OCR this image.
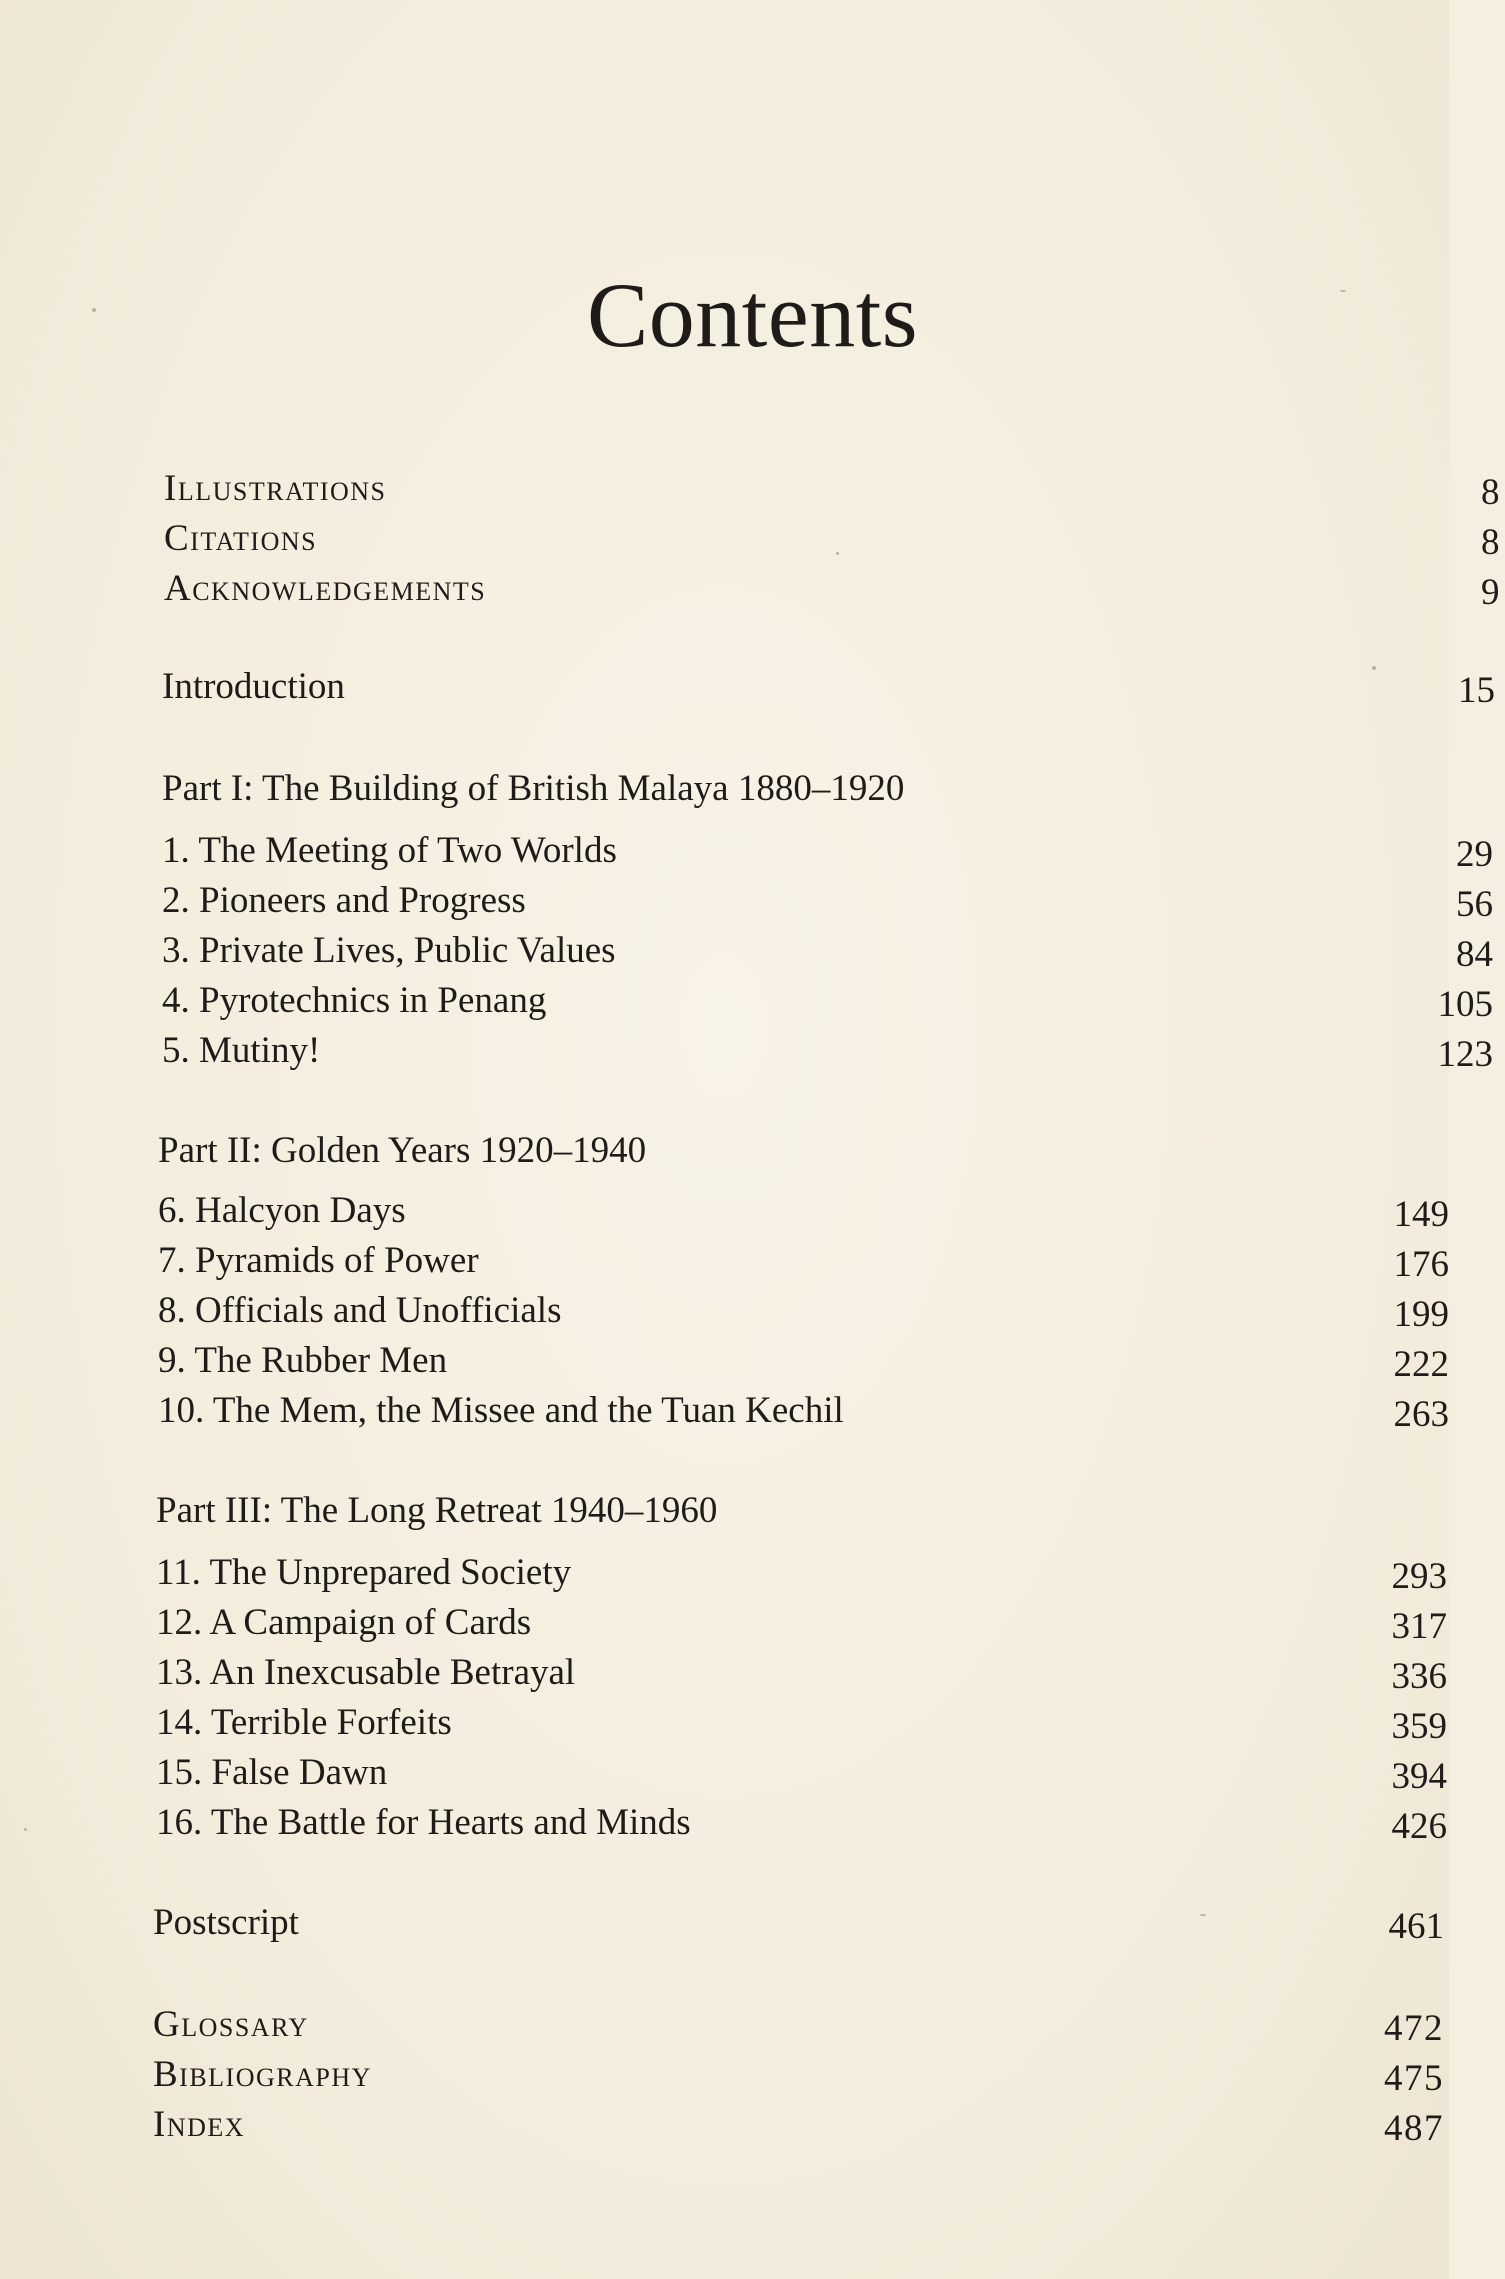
Contents
Illustrations	8
Citations	8
Acknowledgements	9
Introduction	15
Part I: The Building of British Malaya 1880–1920
1. The Meeting of Two Worlds	29
2. Pioneers and Progress	56
3. Private Lives, Public Values	84
4. Pyrotechnics in Penang	105
5. Mutiny!	123
Part II: Golden Years 1920–1940
6. Halcyon Days	149
7. Pyramids of Power	176
8. Officials and Unofficials	199
9. The Rubber Men	222
10. The Mem, the Missee and the Tuan Kechil	263
Part III: The Long Retreat 1940–1960
11. The Unprepared Society	293
12. A Campaign of Cards	317
13. An Inexcusable Betrayal	336
14. Terrible Forfeits	359
15. False Dawn	394
16. The Battle for Hearts and Minds	426
Postscript	461
Glossary	472
Bibliography	475
Index	487
